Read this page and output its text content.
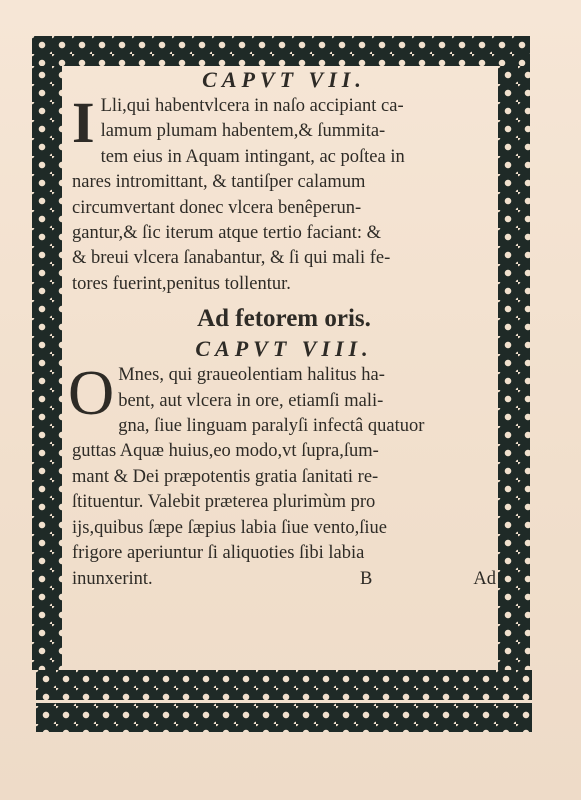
CAPVT VII.
I Lli,qui habentvlcera in naſo accipiant ca-

lamum plumam habentem,& ſummita-

tem eius in Aquam intingant, ac poſtea in

nares intromittant, & tantiſper calamum

circumvertant donec vlcera benêperun-

gantur,& ſic iterum atque tertio faciant: &

& breui vlcera ſanabantur, & ſi qui mali fe-

tores fuerint,penitus tollentur.

Ad fetorem oris.
CAPVT VIII.
O Mnes, qui graueolentiam halitus ha-

bent, aut vlcera in ore, etiamſi mali-

gna, ſiue linguam paralyſi infectâ quatuor

guttas Aquæ huius,eo modo,vt ſupra,ſum-

mant & Dei præpotentis gratia ſanitati re-

ſtituentur. Valebit præterea plurimùm pro

ijs,quibus ſæpe ſæpius labia ſiue vento,ſiue

frigore aperiuntur ſi aliquoties ſibi labia

inunxerint.	B	Ad
